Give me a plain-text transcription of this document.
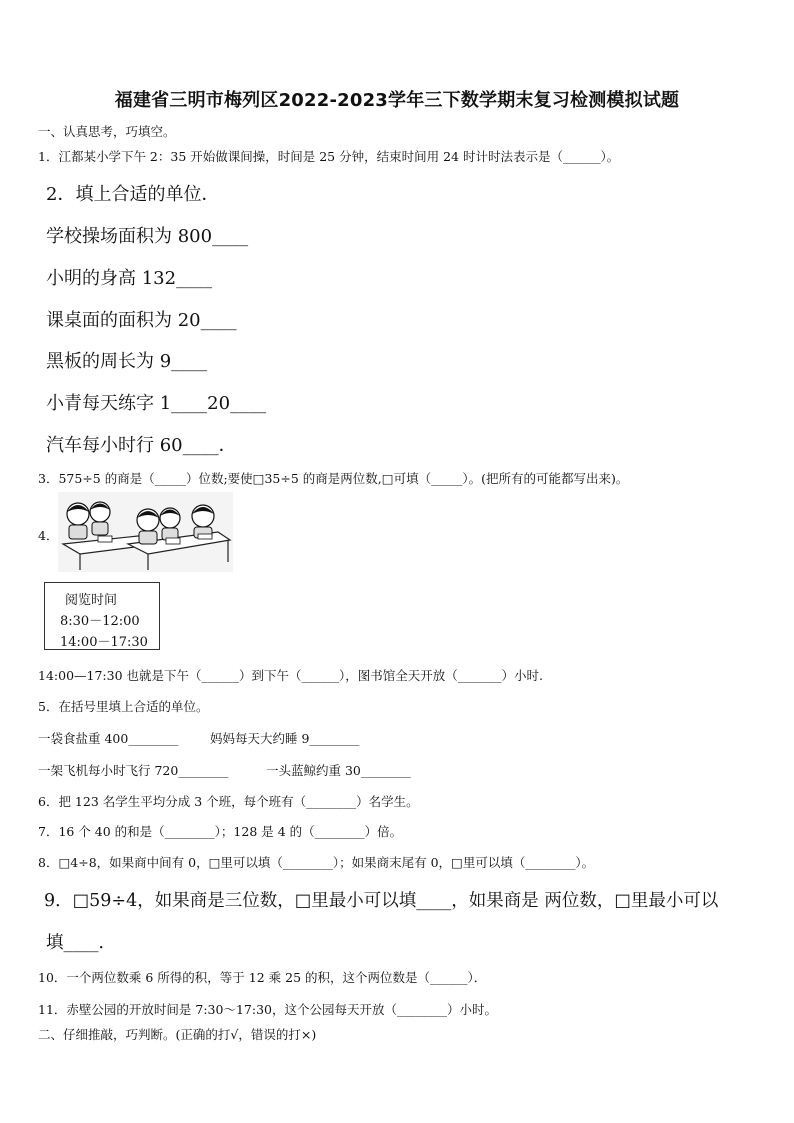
福建省三明市梅列区2022-2023学年三下数学期末复习检测模拟试题
一、认真思考，巧填空。
1．江都某小学下午 2：35 开始做课间操，时间是 25 分钟，结束时间用 24 时计时法表示是（______）。
2．填上合适的单位．
学校操场面积为 800____
小明的身高 132____
课桌面的面积为 20____
黑板的周长为 9____
小青每天练字 1____20____
汽车每小时行 60____．
3．575÷5 的商是（_____）位数;要使□35÷5 的商是两位数,□可填（_____）。(把所有的可能都写出来)。
4．
阅览时间
8:30－12:00
14:00－17:30
14:00—17:30 也就是下午（______）到下午（______），图书馆全天开放（_______）小时.
5．在括号里填上合适的单位。
一袋食盐重 400________	妈妈每天大约睡 9________
一架飞机每小时飞行 720________	一头蓝鲸约重 30________
6．把 123 名学生平均分成 3 个班，每个班有（________）名学生。
7．16 个 40 的和是（________）；128 是 4 的（________）倍。
8．□4÷8，如果商中间有 0，□里可以填（________）；如果商末尾有 0，□里可以填（________）。
9．□59÷4，如果商是三位数，□里最小可以填____，如果商是 两位数，□里最小可以
填____．
10．一个两位数乘 6 所得的积，等于 12 乘 25 的积，这个两位数是（______）．
11．赤壁公园的开放时间是 7:30～17:30，这个公园每天开放（________）小时。
二、仔细推敲，巧判断。(正确的打√，错误的打×)
